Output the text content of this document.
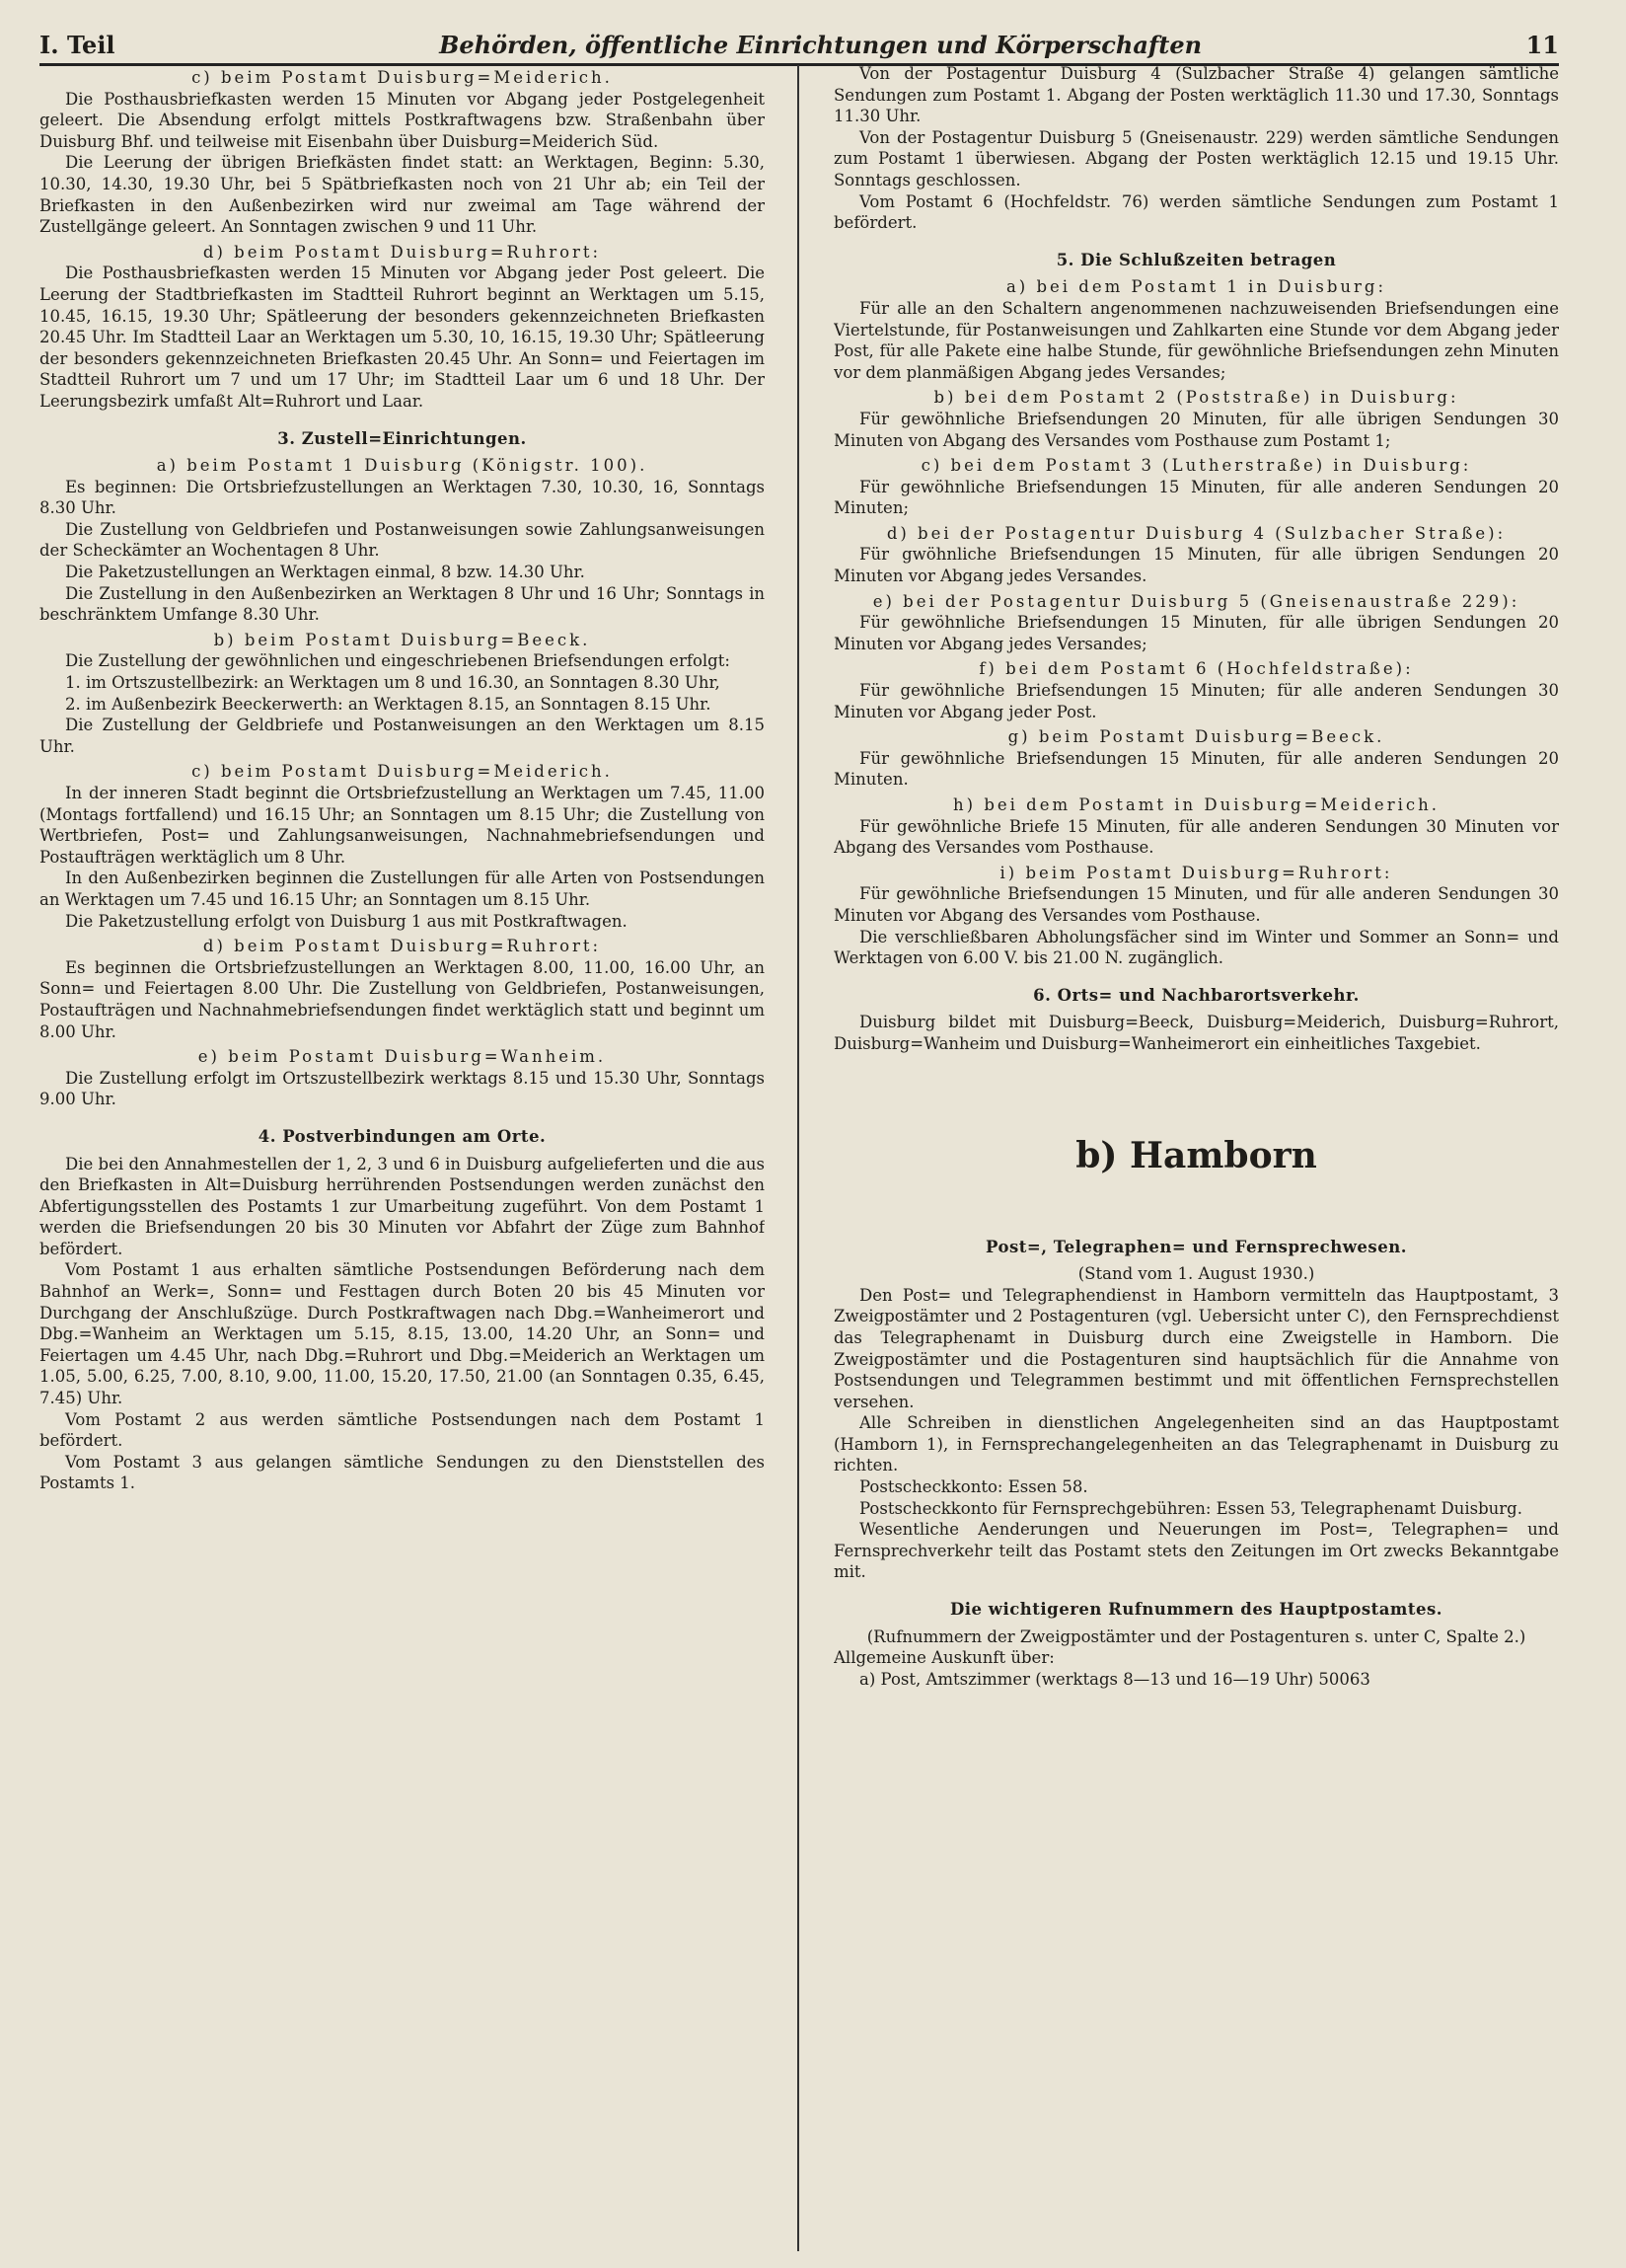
I. Teil	Behörden, öffentliche Einrichtungen und Körperschaften	11

c) beim Postamt Duisburg=Meiderich.

Die Posthausbriefkasten werden 15 Minuten vor Abgang jeder Postgelegenheit geleert. Die Absendung erfolgt mittels Postkraftwagens bzw. Straßenbahn über Duisburg Bhf. und teilweise mit Eisenbahn über Duisburg=Meiderich Süd.

Die Leerung der übrigen Briefkästen findet statt: an Werktagen, Beginn: 5.30, 10.30, 14.30, 19.30 Uhr, bei 5 Spätbriefkasten noch von 21 Uhr ab; ein Teil der Briefkasten in den Außenbezirken wird nur zweimal am Tage während der Zustellgänge geleert. An Sonntagen zwischen 9 und 11 Uhr.

d) beim Postamt Duisburg=Ruhrort:

Die Posthausbriefkasten werden 15 Minuten vor Abgang jeder Post geleert. Die Leerung der Stadtbriefkasten im Stadtteil Ruhrort beginnt an Werktagen um 5.15, 10.45, 16.15, 19.30 Uhr; Spätleerung der besonders gekennzeichneten Briefkasten 20.45 Uhr. Im Stadtteil Laar an Werktagen um 5.30, 10, 16.15, 19.30 Uhr; Spätleerung der besonders gekennzeichneten Briefkasten 20.45 Uhr. An Sonn= und Feiertagen im Stadtteil Ruhrort um 7 und um 17 Uhr; im Stadtteil Laar um 6 und 18 Uhr. Der Leerungsbezirk umfaßt Alt=Ruhrort und Laar.

3. Zustell=Einrichtungen.

a) beim Postamt 1 Duisburg (Königstr. 100).

Es beginnen: Die Ortsbriefzustellungen an Werktagen 7.30, 10.30, 16, Sonntags 8.30 Uhr.

Die Zustellung von Geldbriefen und Postanweisungen sowie Zahlungsanweisungen der Scheckämter an Wochentagen 8 Uhr.

Die Paketzustellungen an Werktagen einmal, 8 bzw. 14.30 Uhr.

Die Zustellung in den Außenbezirken an Werktagen 8 Uhr und 16 Uhr; Sonntags in beschränktem Umfange 8.30 Uhr.

b) beim Postamt Duisburg=Beeck.

Die Zustellung der gewöhnlichen und eingeschriebenen Briefsendungen erfolgt:

1. im Ortszustellbezirk: an Werktagen um 8 und 16.30, an Sonntagen 8.30 Uhr,

2. im Außenbezirk Beeckerwerth: an Werktagen 8.15, an Sonntagen 8.15 Uhr.

Die Zustellung der Geldbriefe und Postanweisungen an den Werktagen um 8.15 Uhr.

c) beim Postamt Duisburg=Meiderich.

In der inneren Stadt beginnt die Ortsbriefzustellung an Werktagen um 7.45, 11.00 (Montags fortfallend) und 16.15 Uhr; an Sonntagen um 8.15 Uhr; die Zustellung von Wertbriefen, Post= und Zahlungsanweisungen, Nachnahmebriefsendungen und Postaufträgen werktäglich um 8 Uhr.

In den Außenbezirken beginnen die Zustellungen für alle Arten von Postsendungen an Werktagen um 7.45 und 16.15 Uhr; an Sonntagen um 8.15 Uhr.

Die Paketzustellung erfolgt von Duisburg 1 aus mit Postkraftwagen.

d) beim Postamt Duisburg=Ruhrort:

Es beginnen die Ortsbriefzustellungen an Werktagen 8.00, 11.00, 16.00 Uhr, an Sonn= und Feiertagen 8.00 Uhr. Die Zustellung von Geldbriefen, Postanweisungen, Postaufträgen und Nachnahmebriefsendungen findet werktäglich statt und beginnt um 8.00 Uhr.

e) beim Postamt Duisburg=Wanheim.

Die Zustellung erfolgt im Ortszustellbezirk werktags 8.15 und 15.30 Uhr, Sonntags 9.00 Uhr.

4. Postverbindungen am Orte.

Die bei den Annahmestellen der 1, 2, 3 und 6 in Duisburg aufgelieferten und die aus den Briefkasten in Alt=Duisburg herrührenden Postsendungen werden zunächst den Abfertigungsstellen des Postamts 1 zur Umarbeitung zugeführt. Von dem Postamt 1 werden die Briefsendungen 20 bis 30 Minuten vor Abfahrt der Züge zum Bahnhof befördert.

Vom Postamt 1 aus erhalten sämtliche Postsendungen Beförderung nach dem Bahnhof an Werk=, Sonn= und Festtagen durch Boten 20 bis 45 Minuten vor Durchgang der Anschlußzüge. Durch Postkraftwagen nach Dbg.=Wanheimerort und Dbg.=Wanheim an Werktagen um 5.15, 8.15, 13.00, 14.20 Uhr, an Sonn= und Feiertagen um 4.45 Uhr, nach Dbg.=Ruhrort und Dbg.=Meiderich an Werktagen um 1.05, 5.00, 6.25, 7.00, 8.10, 9.00, 11.00, 15.20, 17.50, 21.00 (an Sonntagen 0.35, 6.45, 7.45) Uhr.

Vom Postamt 2 aus werden sämtliche Postsendungen nach dem Postamt 1 befördert.

Vom Postamt 3 aus gelangen sämtliche Sendungen zu den Dienststellen des Postamts 1.

Von der Postagentur Duisburg 4 (Sulzbacher Straße 4) gelangen sämtliche Sendungen zum Postamt 1. Abgang der Posten werktäglich 11.30 und 17.30, Sonntags 11.30 Uhr.

Von der Postagentur Duisburg 5 (Gneisenaustr. 229) werden sämtliche Sendungen zum Postamt 1 überwiesen. Abgang der Posten werktäglich 12.15 und 19.15 Uhr. Sonntags geschlossen.

Vom Postamt 6 (Hochfeldstr. 76) werden sämtliche Sendungen zum Postamt 1 befördert.

5. Die Schlußzeiten betragen

a) bei dem Postamt 1 in Duisburg:

Für alle an den Schaltern angenommenen nachzuweisenden Briefsendungen eine Viertelstunde, für Postanweisungen und Zahlkarten eine Stunde vor dem Abgang jeder Post, für alle Pakete eine halbe Stunde, für gewöhnliche Briefsendungen zehn Minuten vor dem planmäßigen Abgang jedes Versandes;

b) bei dem Postamt 2 (Poststraße) in Duisburg:

Für gewöhnliche Briefsendungen 20 Minuten, für alle übrigen Sendungen 30 Minuten von Abgang des Versandes vom Posthause zum Postamt 1;

c) bei dem Postamt 3 (Lutherstraße) in Duisburg:

Für gewöhnliche Briefsendungen 15 Minuten, für alle anderen Sendungen 20 Minuten;

d) bei der Postagentur Duisburg 4 (Sulzbacher Straße):

Für gwöhnliche Briefsendungen 15 Minuten, für alle übrigen Sendungen 20 Minuten vor Abgang jedes Versandes.

e) bei der Postagentur Duisburg 5 (Gneisenaustraße 229):

Für gewöhnliche Briefsendungen 15 Minuten, für alle übrigen Sendungen 20 Minuten vor Abgang jedes Versandes;

f) bei dem Postamt 6 (Hochfeldstraße):

Für gewöhnliche Briefsendungen 15 Minuten; für alle anderen Sendungen 30 Minuten vor Abgang jeder Post.

g) beim Postamt Duisburg=Beeck.

Für gewöhnliche Briefsendungen 15 Minuten, für alle anderen Sendungen 20 Minuten.

h) bei dem Postamt in Duisburg=Meiderich.

Für gewöhnliche Briefe 15 Minuten, für alle anderen Sendungen 30 Minuten vor Abgang des Versandes vom Posthause.

i) beim Postamt Duisburg=Ruhrort:

Für gewöhnliche Briefsendungen 15 Minuten, und für alle anderen Sendungen 30 Minuten vor Abgang des Versandes vom Posthause.

Die verschließbaren Abholungsfächer sind im Winter und Sommer an Sonn= und Werktagen von 6.00 V. bis 21.00 N. zugänglich.

6. Orts= und Nachbarortsverkehr.

Duisburg bildet mit Duisburg=Beeck, Duisburg=Meiderich, Duisburg=Ruhrort, Duisburg=Wanheim und Duisburg=Wanheimerort ein einheitliches Taxgebiet.

b) Hamborn

Post=, Telegraphen= und Fernsprechwesen.

(Stand vom 1. August 1930.)

Den Post= und Telegraphendienst in Hamborn vermitteln das Hauptpostamt, 3 Zweigpostämter und 2 Postagenturen (vgl. Uebersicht unter C), den Fernsprechdienst das Telegraphenamt in Duisburg durch eine Zweigstelle in Hamborn. Die Zweigpostämter und die Postagenturen sind hauptsächlich für die Annahme von Postsendungen und Telegrammen bestimmt und mit öffentlichen Fernsprechstellen versehen.

Alle Schreiben in dienstlichen Angelegenheiten sind an das Hauptpostamt (Hamborn 1), in Fernsprechangelegenheiten an das Telegraphenamt in Duisburg zu richten.

Postscheckkonto: Essen 58.

Postscheckkonto für Fernsprechgebühren: Essen 53, Telegraphenamt Duisburg.

Wesentliche Aenderungen und Neuerungen im Post=, Telegraphen= und Fernsprechverkehr teilt das Postamt stets den Zeitungen im Ort zwecks Bekanntgabe mit.

Die wichtigeren Rufnummern des Hauptpostamtes.

(Rufnummern der Zweigpostämter und der Postagenturen s. unter C, Spalte 2.)

Allgemeine Auskunft über:

a) Post, Amtszimmer (werktags 8—13 und 16—19 Uhr) 50063
